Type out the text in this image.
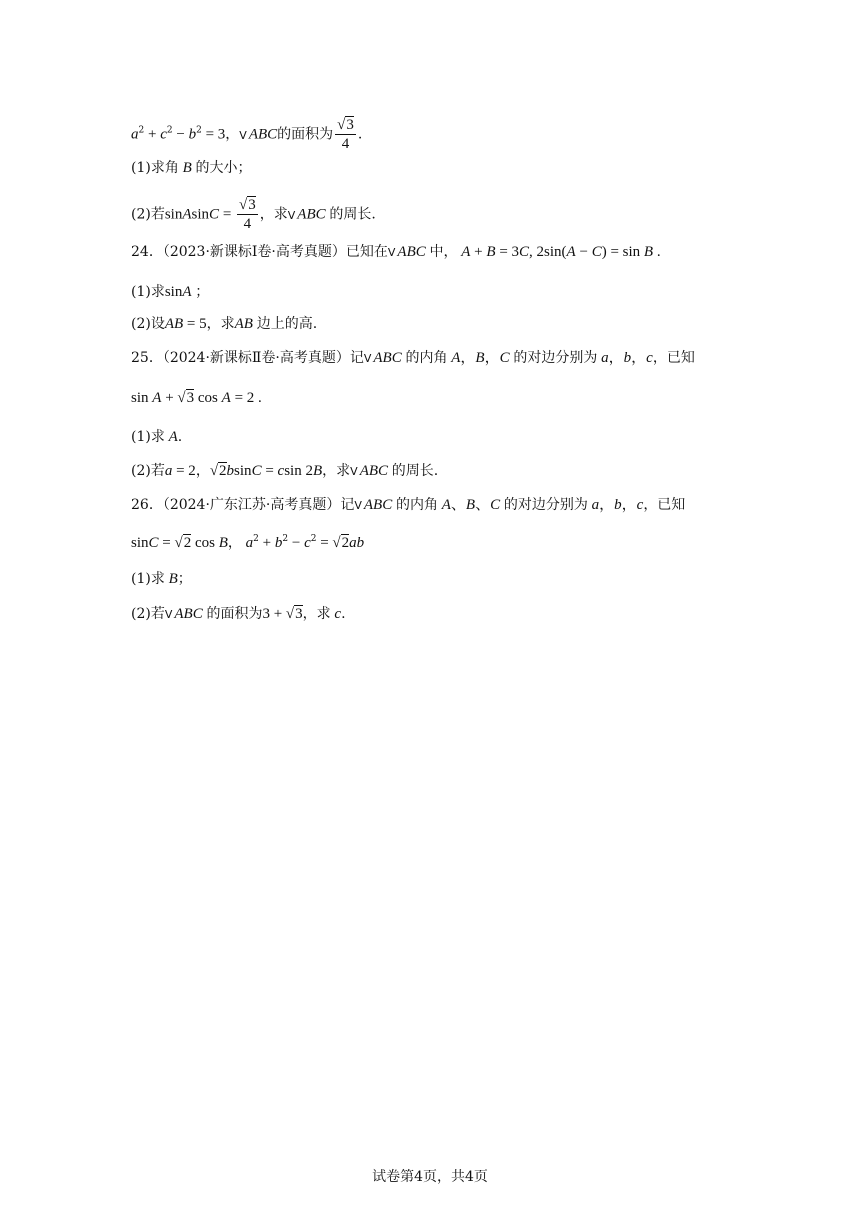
$a^2 + c^2 - b^2 = 3$，V ABC的面积为 $\frac{√3}{4}$ .
(1)求角 B 的大小；
(2)若sinAsinC = $\frac{√3}{4}$ ，求V ABC 的周长.
24．（2023·新课标Ⅰ卷·高考真题）已知在V ABC 中， A + B = 3C, 2sin(A − C) = sin B .
(1)求sinA ；
(2)设AB = 5，求AB 边上的高.
25．（2024·新课标Ⅱ卷·高考真题）记V ABC 的内角 A，B，C 的对边分别为 a，b，c，已知
sin A + √3 cos A = 2 .
(1)求 A.
(2)若a = 2，√2bsinC = csin 2B，求V ABC 的周长.
26．（2024·广东江苏·高考真题）记V ABC 的内角 A、B、C 的对边分别为 a，b，c，已知
sinC = √2 cos B， $a^2 + b^2 - c^2 = √2ab$
(1)求 B；
(2)若V ABC 的面积为3 + √3，求 c.
试卷第4页，共4页
